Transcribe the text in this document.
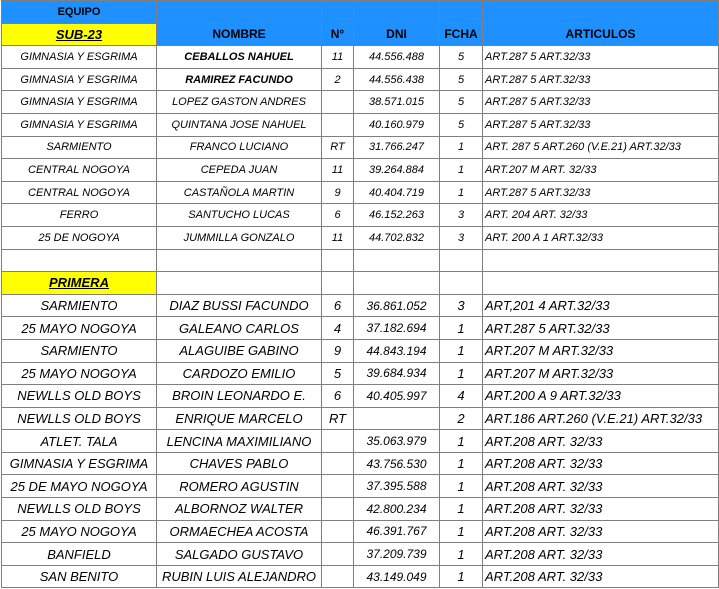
EQUIPO					
SUB-23	NOMBRE	N°	DNI	FCHA	ARTICULOS
GIMNASIA Y ESGRIMA	CEBALLOS NAHUEL	11	44.556.488	5	ART.287 5 ART.32/33
GIMNASIA Y ESGRIMA	RAMIREZ FACUNDO	2	44.556.438	5	ART.287 5 ART.32/33
GIMNASIA Y ESGRIMA	LOPEZ GASTON ANDRES		38.571.015	5	ART.287 5 ART.32/33
GIMNASIA Y ESGRIMA	QUINTANA JOSE NAHUEL		40.160.979	5	ART.287 5 ART.32/33
SARMIENTO	FRANCO LUCIANO	RT	31.766.247	1	ART. 287 5 ART.260 (V.E.21) ART.32/33
CENTRAL NOGOYA	CEPEDA JUAN	11	39.264.884	1	ART.207 M ART. 32/33
CENTRAL NOGOYA	CASTAÑOLA MARTIN	9	40.404.719	1	ART.287 5 ART.32/33
FERRO	SANTUCHO LUCAS	6	46.152.263	3	ART. 204 ART. 32/33
25 DE NOGOYA	JUMMILLA GONZALO	11	44.702.832	3	ART. 200 A 1 ART.32/33

PRIMERA					
SARMIENTO	DIAZ BUSSI FACUNDO	6	36.861.052	3	ART,201 4 ART.32/33
25 MAYO NOGOYA	GALEANO CARLOS	4	37.182.694	1	ART.287 5 ART.32/33
SARMIENTO	ALAGUIBE GABINO	9	44.843.194	1	ART.207 M ART.32/33
25 MAYO NOGOYA	CARDOZO EMILIO	5	39.684.934	1	ART.207 M ART.32/33
NEWLLS OLD BOYS	BROIN LEONARDO E.	6	40.405.997	4	ART.200 A 9 ART.32/33
NEWLLS OLD BOYS	ENRIQUE MARCELO	RT		2	ART.186 ART.260 (V.E.21) ART.32/33
ATLET. TALA	LENCINA MAXIMILIANO		35.063.979	1	ART.208 ART. 32/33
GIMNASIA Y ESGRIMA	CHAVES PABLO		43.756.530	1	ART.208 ART. 32/33
25 DE MAYO NOGOYA	ROMERO AGUSTIN		37.395.588	1	ART.208 ART. 32/33
NEWLLS OLD BOYS	ALBORNOZ WALTER		42.800.234	1	ART.208 ART. 32/33
25 MAYO NOGOYA	ORMAECHEA ACOSTA		46.391.767	1	ART.208 ART. 32/33
BANFIELD	SALGADO GUSTAVO		37.209.739	1	ART.208 ART. 32/33
SAN BENITO	RUBIN LUIS ALEJANDRO		43.149.049	1	ART.208 ART. 32/33
